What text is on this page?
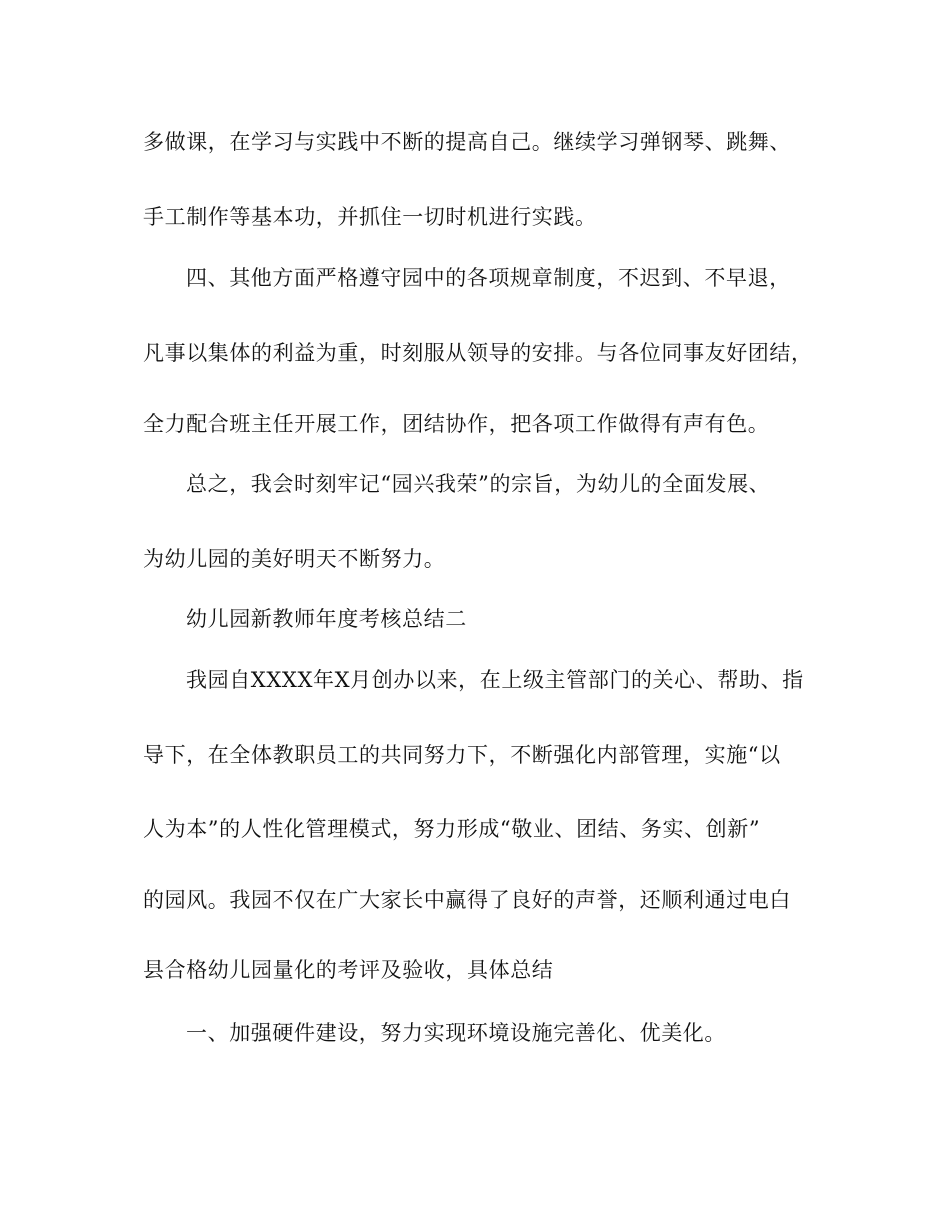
多做课，在学习与实践中不断的提高自己。继续学习弹钢琴、跳舞、
手工制作等基本功，并抓住一切时机进行实践。
四、其他方面严格遵守园中的各项规章制度，不迟到、不早退，
凡事以集体的利益为重，时刻服从领导的安排。与各位同事友好团结，
全力配合班主任开展工作，团结协作，把各项工作做得有声有色。
总之，我会时刻牢记“园兴我荣”的宗旨，为幼儿的全面发展、
为幼儿园的美好明天不断努力。
幼儿园新教师年度考核总结二
我园自XXXX年X月创办以来，在上级主管部门的关心、帮助、指
导下，在全体教职员工的共同努力下，不断强化内部管理，实施“以
人为本”的人性化管理模式，努力形成“敬业、团结、务实、创新”
的园风。我园不仅在广大家长中赢得了良好的声誉，还顺利通过电白
县合格幼儿园量化的考评及验收，具体总结
一、加强硬件建设，努力实现环境设施完善化、优美化。
